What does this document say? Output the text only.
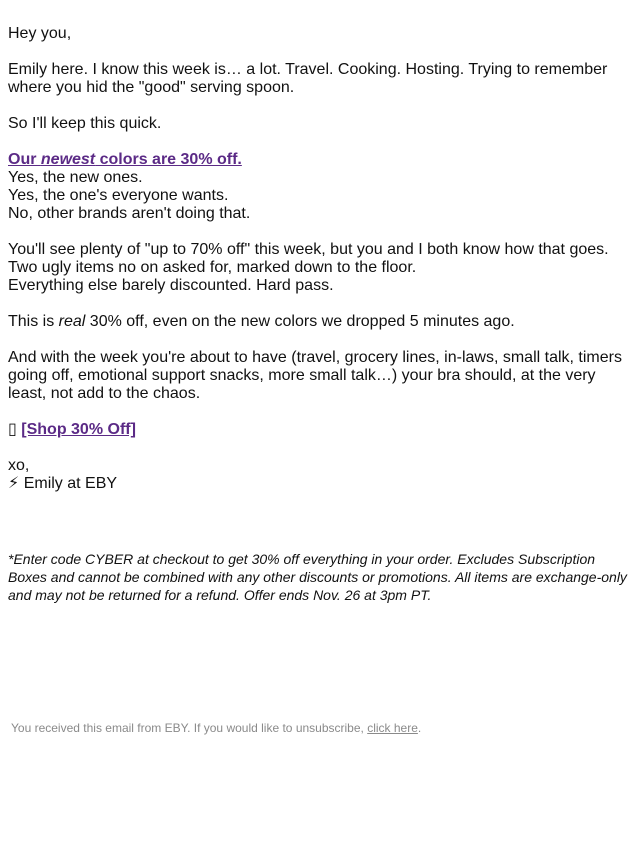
Hey you,

Emily here. I know this week is… a lot. Travel. Cooking. Hosting. Trying to remember where you hid the "good" serving spoon.

So I'll keep this quick.

Our newest colors are 30% off.
Yes, the new ones.
Yes, the one's everyone wants.
No, other brands aren't doing that.

You'll see plenty of "up to 70% off" this week, but you and I both know how that goes.
Two ugly items no on asked for, marked down to the floor.
Everything else barely discounted. Hard pass.

This is real 30% off, even on the new colors we dropped 5 minutes ago.

And with the week you're about to have (travel, grocery lines, in-laws, small talk, timers going off, emotional support snacks, more small talk…) your bra should, at the very least, not add to the chaos.

▯ [Shop 30% Off]

xo,
⚡ Emily at EBY

*Enter code CYBER at checkout to get 30% off everything in your order. Excludes Subscription Boxes and cannot be combined with any other discounts or promotions. All items are exchange-only and may not be returned for a refund. Offer ends Nov. 26 at 3pm PT.
You received this email from EBY. If you would like to unsubscribe, click here.
